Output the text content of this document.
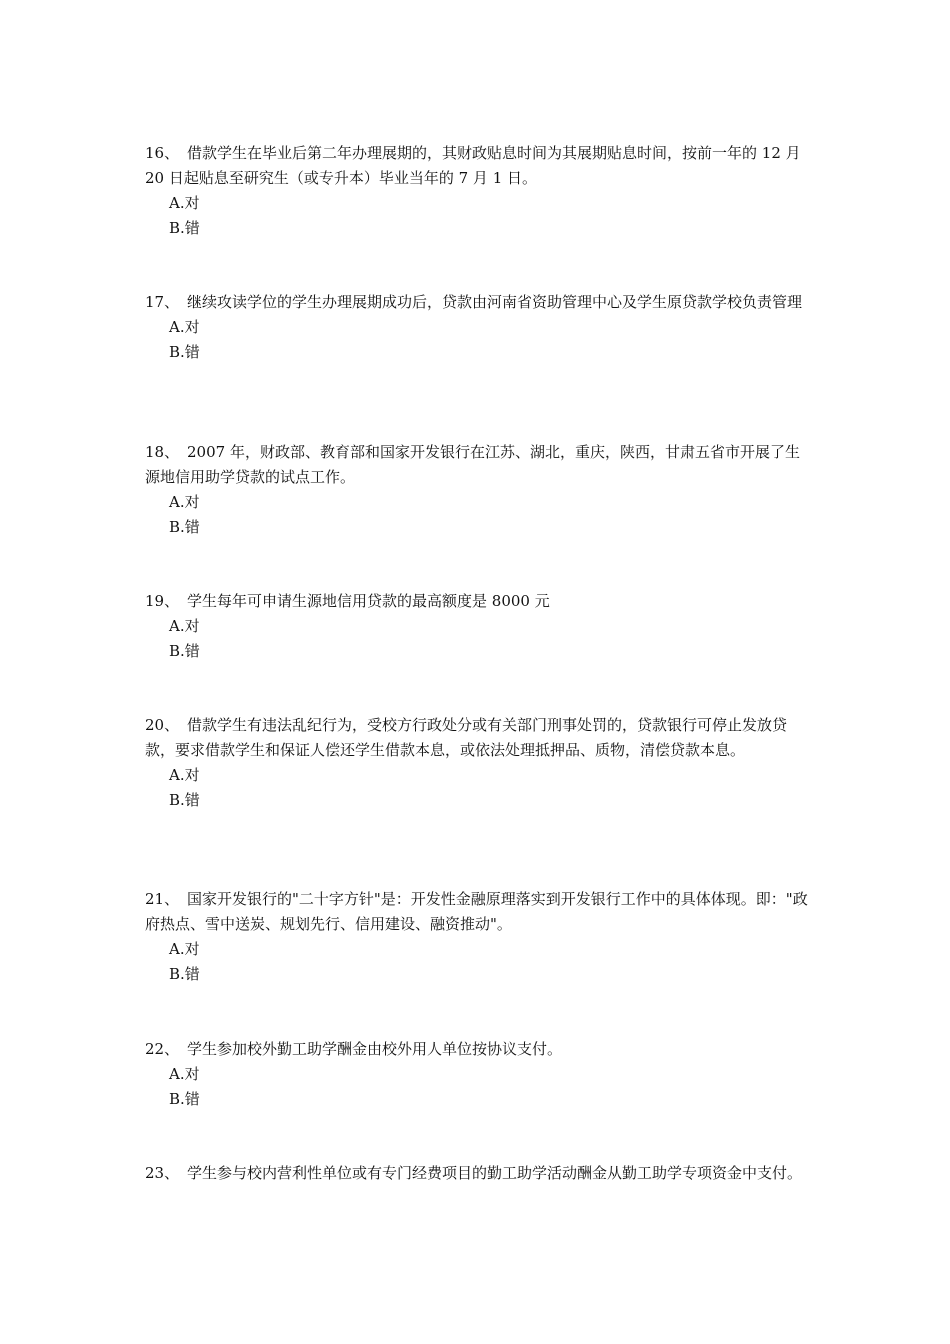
16、 借款学生在毕业后第二年办理展期的，其财政贴息时间为其展期贴息时间，按前一年的 12 月 20 日起贴息至研究生（或专升本）毕业当年的 7 月 1 日。

A.对

B.错

17、 继续攻读学位的学生办理展期成功后，贷款由河南省资助管理中心及学生原贷款学校负责管理

A.对

B.错

18、 2007 年，财政部、教育部和国家开发银行在江苏、湖北，重庆，陕西，甘肃五省市开展了生源地信用助学贷款的试点工作。

A.对

B.错

19、 学生每年可申请生源地信用贷款的最高额度是 8000 元

A.对

B.错

20、 借款学生有违法乱纪行为，受校方行政处分或有关部门刑事处罚的，贷款银行可停止发放贷款，要求借款学生和保证人偿还学生借款本息，或依法处理抵押品、质物，清偿贷款本息。

A.对

B.错

21、 国家开发银行的"二十字方针"是：开发性金融原理落实到开发银行工作中的具体体现。即："政府热点、雪中送炭、规划先行、信用建设、融资推动"。

A.对

B.错

22、 学生参加校外勤工助学酬金由校外用人单位按协议支付。

A.对

B.错

23、 学生参与校内营利性单位或有专门经费项目的勤工助学活动酬金从勤工助学专项资金中支付。
